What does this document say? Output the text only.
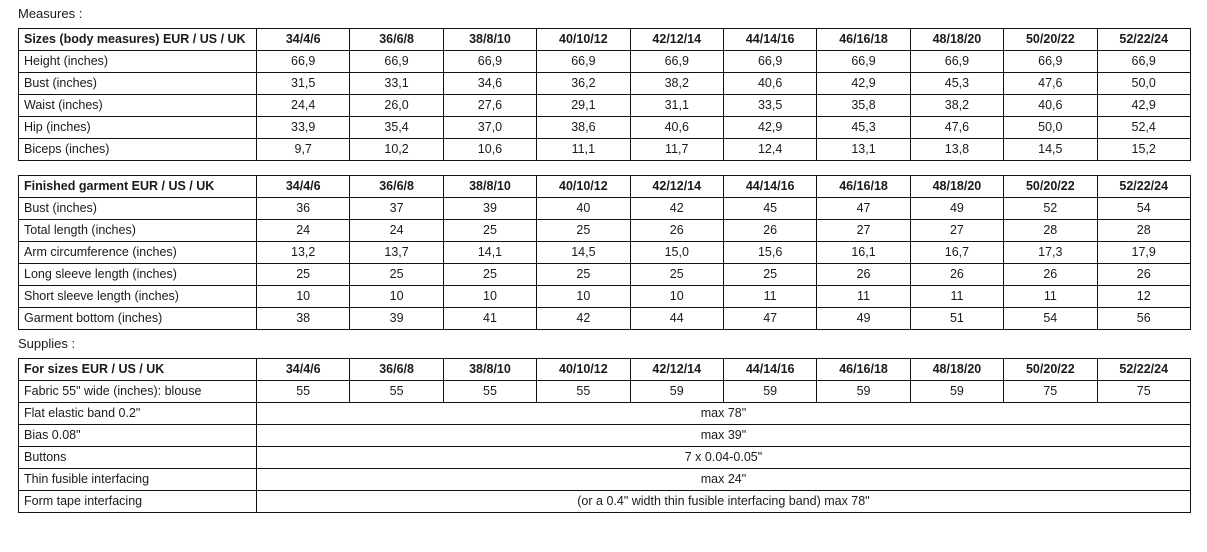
Measures :
Sizes (body measures) EUR / US / UK	34/4/6	36/6/8	38/8/10	40/10/12	42/12/14	44/14/16	46/16/18	48/18/20	50/20/22	52/22/24
Height (inches)	66,9	66,9	66,9	66,9	66,9	66,9	66,9	66,9	66,9	66,9
Bust (inches)	31,5	33,1	34,6	36,2	38,2	40,6	42,9	45,3	47,6	50,0
Waist (inches)	24,4	26,0	27,6	29,1	31,1	33,5	35,8	38,2	40,6	42,9
Hip (inches)	33,9	35,4	37,0	38,6	40,6	42,9	45,3	47,6	50,0	52,4
Biceps (inches)	9,7	10,2	10,6	11,1	11,7	12,4	13,1	13,8	14,5	15,2
Finished garment EUR / US / UK	34/4/6	36/6/8	38/8/10	40/10/12	42/12/14	44/14/16	46/16/18	48/18/20	50/20/22	52/22/24
Bust (inches)	36	37	39	40	42	45	47	49	52	54
Total length (inches)	24	24	25	25	26	26	27	27	28	28
Arm circumference (inches)	13,2	13,7	14,1	14,5	15,0	15,6	16,1	16,7	17,3	17,9
Long sleeve length (inches)	25	25	25	25	25	25	26	26	26	26
Short sleeve length (inches)	10	10	10	10	10	11	11	11	11	12
Garment bottom (inches)	38	39	41	42	44	47	49	51	54	56
Supplies :
For sizes EUR / US / UK	34/4/6	36/6/8	38/8/10	40/10/12	42/12/14	44/14/16	46/16/18	48/18/20	50/20/22	52/22/24
Fabric 55" wide (inches): blouse	55	55	55	55	59	59	59	59	75	75
Flat elastic band 0.2"	max 78"									
Bias 0.08"	max 39"									
Buttons	7 x 0.04-0.05"									
Thin fusible interfacing	max 24"									
Form tape interfacing	(or a 0.4" width thin fusible interfacing band) max 78"									
